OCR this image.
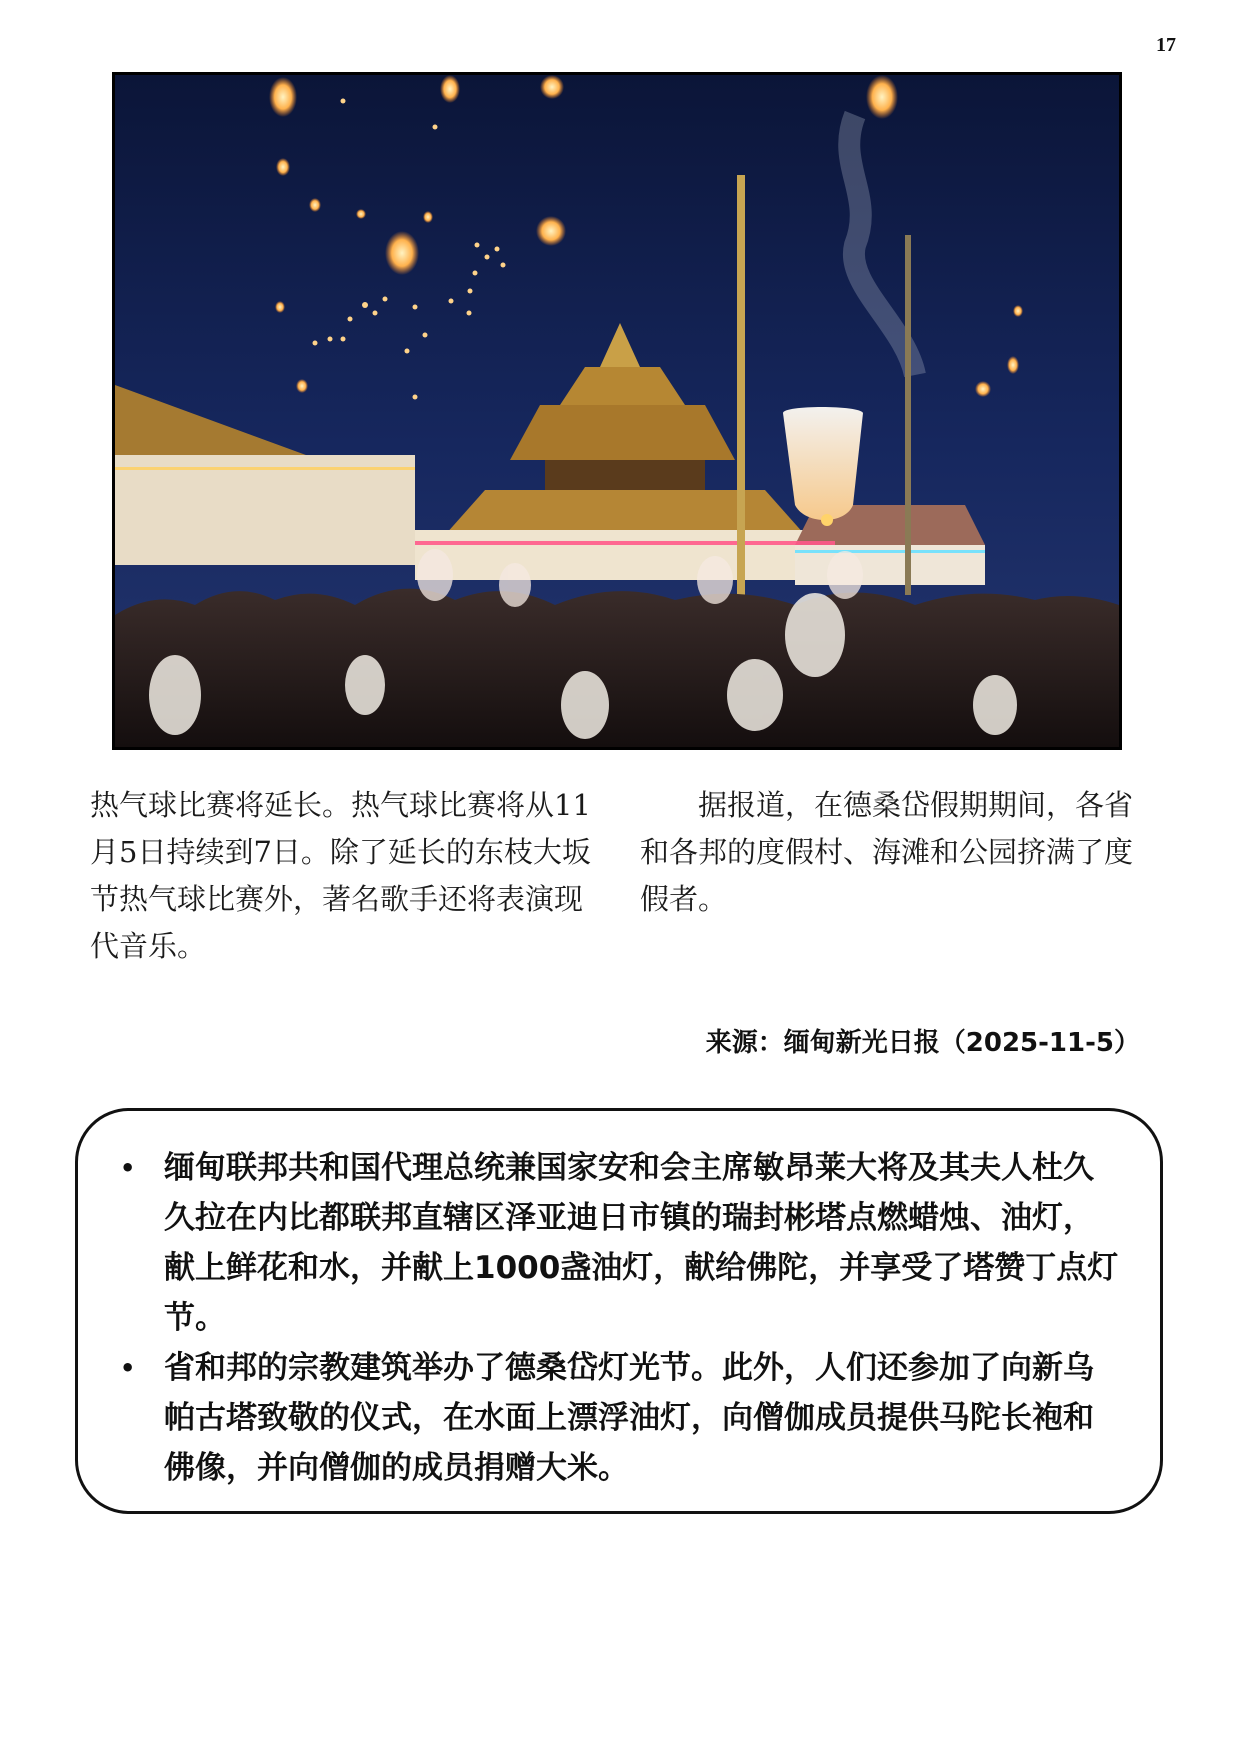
17

热气球比赛将延长。热气球比赛将从11月5日持续到7日。除了延长的东枝大坂节热气球比赛外，著名歌手还将表演现代音乐。

据报道，在德桑岱假期期间，各省和各邦的度假村、海滩和公园挤满了度假者。

来源：缅甸新光日报（2025-11-5）
• 缅甸联邦共和国代理总统兼国家安和会主席敏昂莱大将及其夫人杜久久拉在内比都联邦直辖区泽亚迪日市镇的瑞封彬塔点燃蜡烛、油灯，献上鲜花和水，并献上1000盏油灯，献给佛陀，并享受了塔赞丁点灯节。
• 省和邦的宗教建筑举办了德桑岱灯光节。此外，人们还参加了向新乌帕古塔致敬的仪式，在水面上漂浮油灯，向僧伽成员提供马陀长袍和佛像，并向僧伽的成员捐赠大米。
